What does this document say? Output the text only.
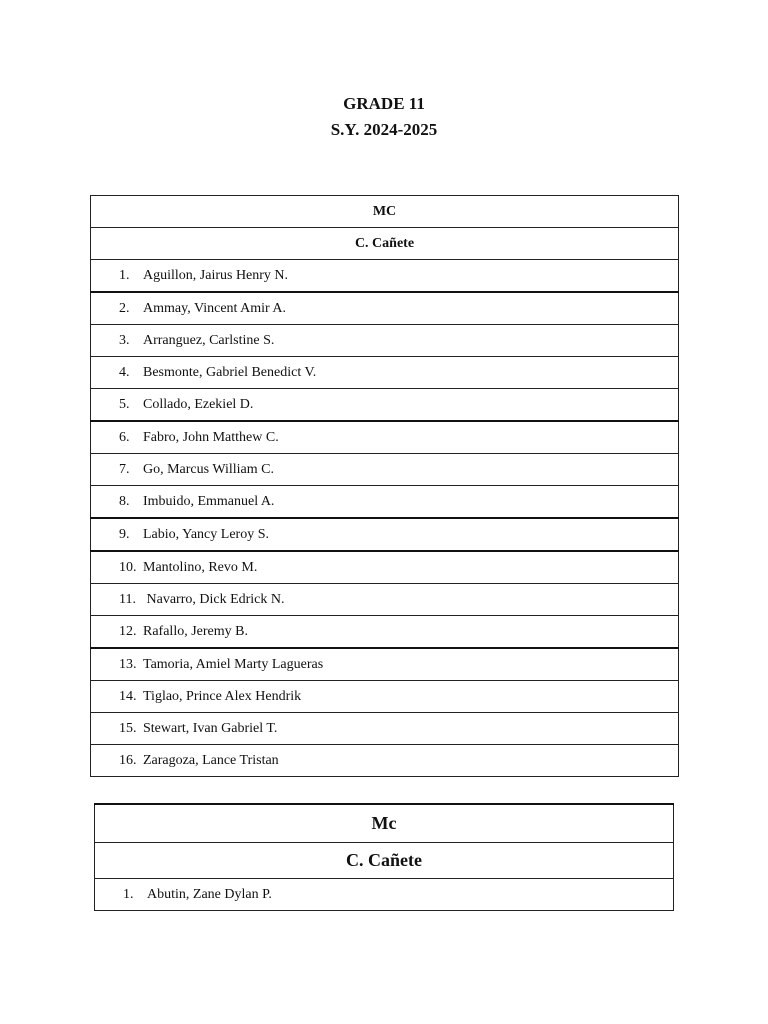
GRADE 11
S.Y. 2024-2025
MC
C. Cañete
1. Aguillon, Jairus Henry N.
2. Ammay, Vincent Amir A.
3. Arranguez, Carlstine S.
4. Besmonte, Gabriel Benedict V.
5. Collado, Ezekiel D.
6. Fabro, John Matthew C.
7. Go, Marcus William C.
8. Imbuido, Emmanuel A.
9. Labio, Yancy Leroy S.
10. Mantolino, Revo M.
11. Navarro, Dick Edrick N.
12. Rafallo, Jeremy B.
13. Tamoria, Amiel Marty Lagueras
14. Tiglao, Prince Alex Hendrik
15. Stewart, Ivan Gabriel T.
16. Zaragoza, Lance Tristan
Mc
C. Cañete
1. Abutin, Zane Dylan P.
